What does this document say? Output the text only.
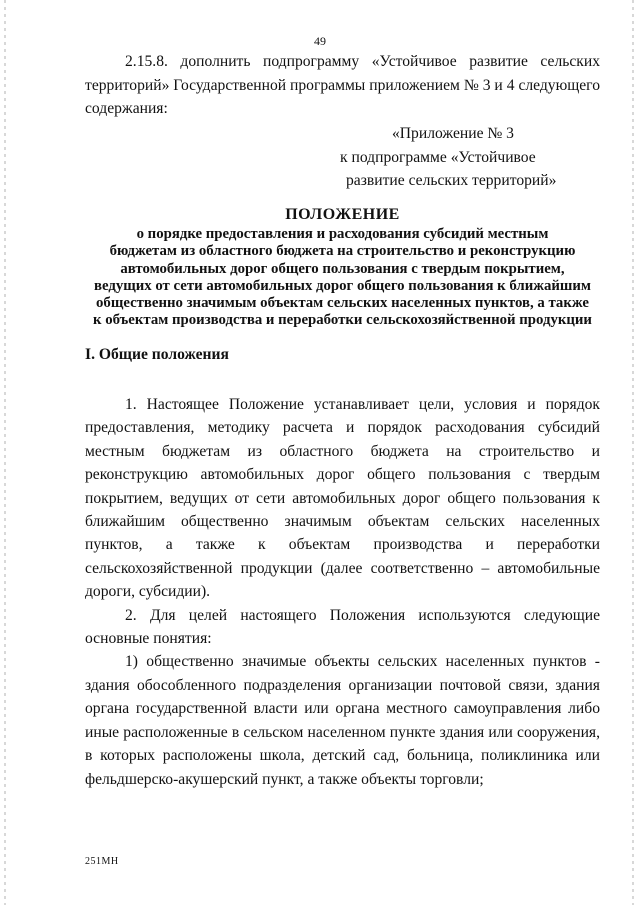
49

2.15.8. дополнить подпрограмму «Устойчивое развитие сельских территорий» Государственной программы приложением № 3 и 4 следующего содержания:

«Приложение № 3
к подпрограмме «Устойчивое
развитие сельских территорий»
ПОЛОЖЕНИЕ
о порядке предоставления и расходования субсидий местным
бюджетам из областного бюджета на строительство и реконструкцию
автомобильных дорог общего пользования с твердым покрытием,
ведущих от сети автомобильных дорог общего пользования к ближайшим
общественно значимым объектам сельских населенных пунктов, а также
к объектам производства и переработки сельскохозяйственной продукции
I. Общие положения

1. Настоящее Положение устанавливает цели, условия и порядок предоставления, методику расчета и порядок расходования субсидий местным бюджетам из областного бюджета на строительство и реконструкцию автомобильных дорог общего пользования с твердым покрытием, ведущих от сети автомобильных дорог общего пользования к ближайшим общественно значимым объектам сельских населенных пунктов, а также к объектам производства и переработки сельскохозяйственной продукции (далее соответственно – автомобильные дороги, субсидии).

2. Для целей настоящего Положения используются следующие основные понятия:

1) общественно значимые объекты сельских населенных пунктов - здания обособленного подразделения организации почтовой связи, здания органа государственной власти или органа местного самоуправления либо иные расположенные в сельском населенном пункте здания или сооружения, в которых расположены школа, детский сад, больница, поликлиника или фельдшерско-акушерский пункт, а также объекты торговли;

251МН
